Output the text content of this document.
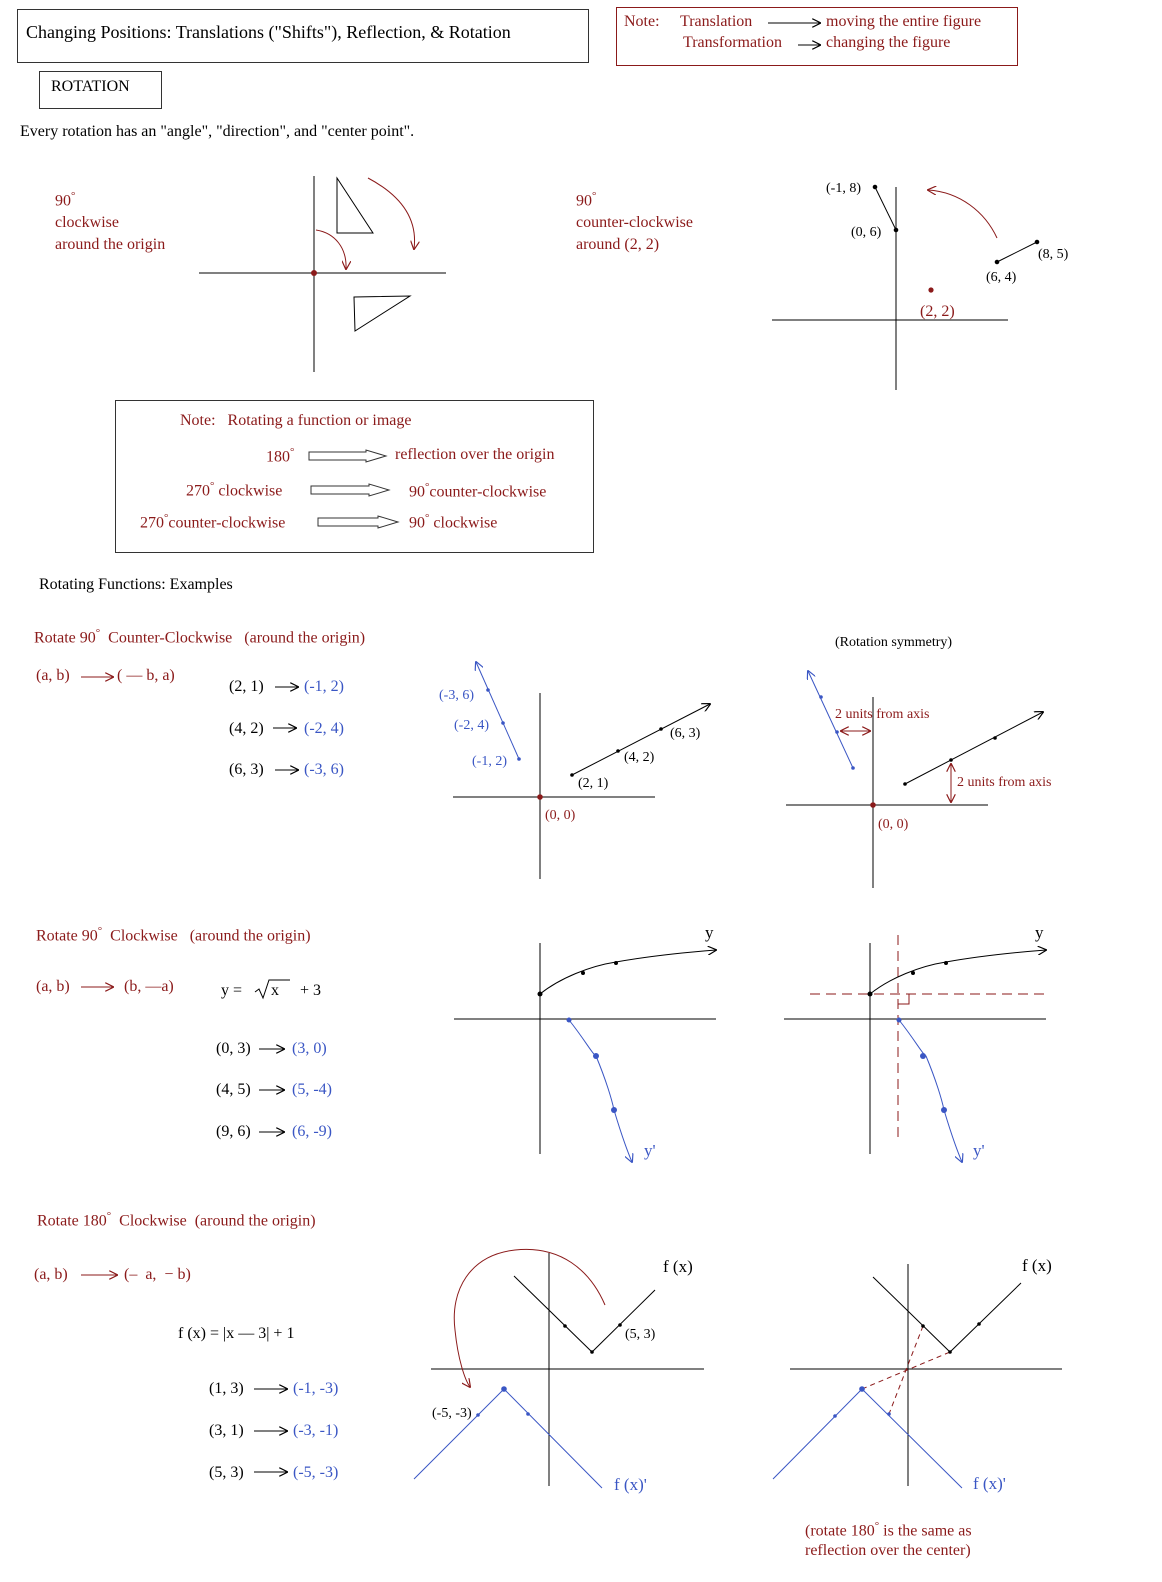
Changing Positions: Translations ("Shifts"), Reflection, & Rotation
Note: Translation	moving the entire figure
Transformation	changing the figure
ROTATION
Every rotation has an "angle", "direction", and "center point".
90°
clockwise
around the origin
90°
counter-clockwise
around (2, 2)
Note:   Rotating a function or image
180°	reflection over the origin
270° clockwise	90°counter-clockwise
270°counter-clockwise	90° clockwise
Rotating Functions: Examples
Rotate 90° Counter-Clockwise (around the origin)
(a, b)	( — b, a)
(2, 1)	(-1, 2)
(4, 2)	(-2, 4)
(6, 3)	(-3, 6)
Rotate 90° Clockwise (around the origin)
(a, b)	(b, —a)	y = x + 3
(0, 3)	(3, 0)
(4, 5)	(5, -4)
(9, 6)	(6, -9)
Rotate 180° Clockwise (around the origin)
(a, b)	(–  a,  − b)
f (x) = |x — 3| + 1
(1, 3)	(-1, -3)
(3, 1)	(-3, -1)
(5, 3)	(-5, -3)
(rotate 180° is the same as
reflection over the center)
(-1, 8)
(0, 6)
(8, 5)
(6, 4)
(2, 2)
(-3, 6)
(-2, 4)
(-1, 2)
(6, 3)
(4, 2)
(2, 1)
(0, 0)
(Rotation symmetry)
2 units from axis
2 units from axis
(0, 0)
y
y'
y
y'
f (x)
f (x)'
(5, 3)
(-5, -3)
f (x)
f (x)'
